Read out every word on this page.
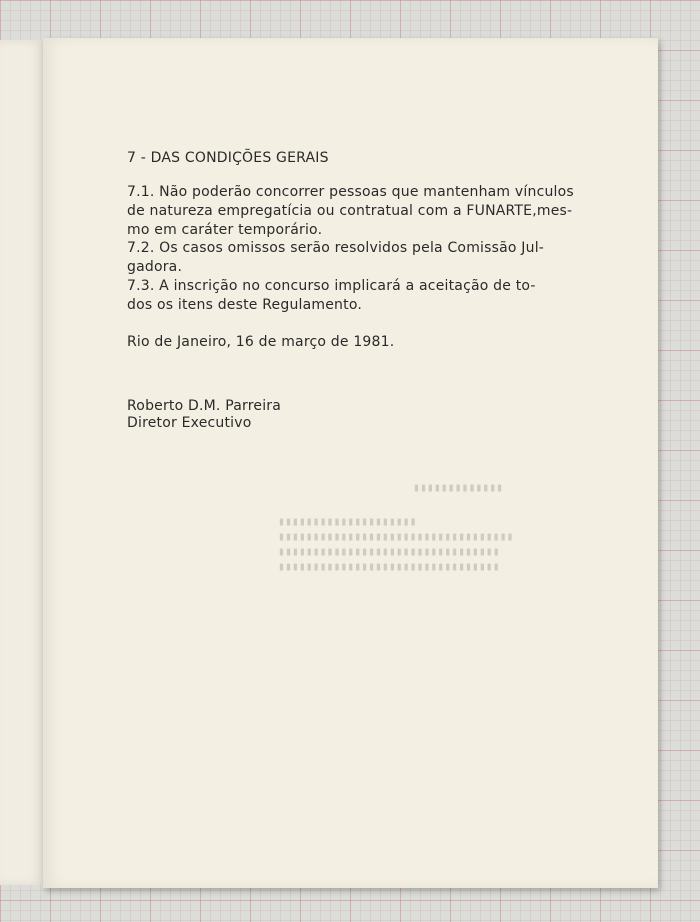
7 - DAS CONDIÇÕES GERAIS
7.1. Não poderão concorrer pessoas que mantenham vínculos
de natureza empregatícia ou contratual com a FUNARTE,mes-
mo em caráter temporário.
7.2. Os casos omissos serão resolvidos pela Comissão Jul-
gadora.
7.3. A inscrição no concurso implicará a aceitação de to-
dos os itens deste Regulamento.
Rio de Janeiro, 16 de março de 1981.
Roberto D.M. Parreira
Diretor Executivo
▮▮▮▮▮▮▮▮▮▮▮▮▮
▮▮▮▮▮▮▮▮▮▮▮▮▮▮▮▮▮▮▮▮
▮▮▮▮▮▮▮▮▮▮▮▮▮▮▮▮▮▮▮▮▮▮▮▮▮▮▮▮▮▮▮▮▮▮
▮▮▮▮▮▮▮▮▮▮▮▮▮▮▮▮▮▮▮▮▮▮▮▮▮▮▮▮▮▮▮▮
▮▮▮▮▮▮▮▮▮▮▮▮▮▮▮▮▮▮▮▮▮▮▮▮▮▮▮▮▮▮▮▮
